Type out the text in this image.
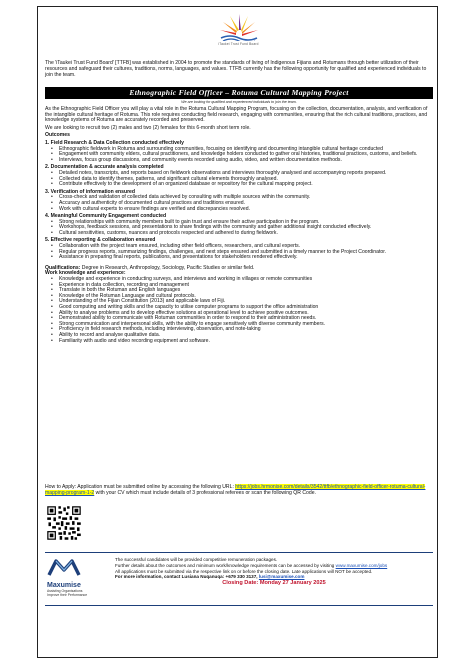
iTaukei Trust Fund Board
The 'iTaukei Trust Fund Board' [TTFB] was established in 2004 to promote the standards of living of Indigenous Fijians and Rotumans through better utilization of their resources and safeguard their cultures, traditions, norms, languages, and values. TTFB currently has the following opportunity for qualified and experienced individuals to join the team.
Ethnographic Field Officer – Rotuma Cultural Mapping Project
We are looking for qualified and experienced individuals to join the team.

As the Ethnographic Field Officer you will play a vital role in the Rotuma Cultural Mapping Program, focusing on the collection, documentation, analysis, and verification of the intangible cultural heritage of Rotuma. This role requires conducting field research, engaging with communities, ensuring that the rich cultural traditions, practices, and knowledge systems of Rotuma are accurately recorded and preserved.

We are looking to recruit two (2) males and two (2) females for this 6-month short term role.

Outcomes
1. Field Research & Data Collection conducted effectively
• Ethnographic fieldwork in Rotuma and surrounding communities, focusing on identifying and documenting intangible cultural heritage conducted
• Engagement with community elders, cultural practitioners, and knowledge holders conducted to gather oral histories, traditional practices, customs, and beliefs.
• Interviews, focus group discussions, and community events recorded using audio, video, and written documentation methods.
2. Documentation & accurate analysis completed
• Detailed notes, transcripts, and reports based on fieldwork observations and interviews thoroughly analysed and accompanying reports prepared.
• Collected data to identify themes, patterns, and significant cultural elements thoroughly analysed.
• Contribute effectively to the development of an organized database or repository for the cultural mapping project.
3. Verification of information ensured
• Cross-check and validation of collected data achieved by consulting with multiple sources within the community.
• Accuracy and authenticity of documented cultural practices and traditions ensured.
• Work with cultural experts to ensure findings are verified and discrepancies resolved.
4. Meaningful Community Engagement conducted
• Strong relationships with community members built to gain trust and ensure their active participation in the program.
• Workshops, feedback sessions, and presentations to share findings with the community and gather additional insight conducted effectively.
• Cultural sensitivities, customs, nuances and protocols respected and adhered to during fieldwork.
5. Effective reporting & collaboration ensured
• Collaboration with the project team ensured, including other field officers, researchers, and cultural experts.
• Regular progress reports, summarizing findings, challenges, and next steps ensured and submitted in a timely manner to the Project Coordinator.
• Assistance in preparing final reports, publications, and presentations for stakeholders rendered effectively.

Qualifications: Degree in Research, Anthropology, Sociology, Pacific Studies or similar field.

Work knowledge and experience:
• Knowledge and experience in conducting surveys, and interviews and working in villages or remote communities
• Experience in data collection, recording and management
• Translate in both the Rotuman and English languages
• Knowledge of the Rotuman Language and cultural protocols.
• Understanding of the Fijian Constitution (2013) and applicable laws of Fiji.
• Good computing and writing skills and the capacity to utilise computer programs to support the office administration
• Ability to analyse problems and to develop effective solutions at operational level to achieve positive outcomes.
• Demonstrated ability to communicate with Rotuman communities in order to respond to their administration needs.
• Strong communication and interpersonal skills, with the ability to engage sensitively with diverse community members.
• Proficiency in field research methods, including interviewing, observation, and note-taking
• Ability to record and analyse qualitative data.
• Familiarity with audio and video recording equipment and software.
How to Apply: Application must be submitted online by accessing the following URL: https://jobs.hrmonise.com/details/3542/ttfb/ethnographic-field-officer-rotuma-cultural-mapping-program-1-2 with your CV which must include details of 3 professional referees or scan the following QR Code.
Maxumise
Assisting Organisations
Improve their Performance
The successful candidates will be provided competitive remuneration packages.
Further details about the outcomes and minimum work/knowledge requirements can be accessed by visiting www.maxumise.com/jobs
All applications must be submitted via the respective link on or before the closing date. Late applications will NOT be accepted.
For more information, contact Lusiana Nuqanuqa: +679 330 3137, lusi@maxumise.com
Closing Date: Monday 27 January 2025
